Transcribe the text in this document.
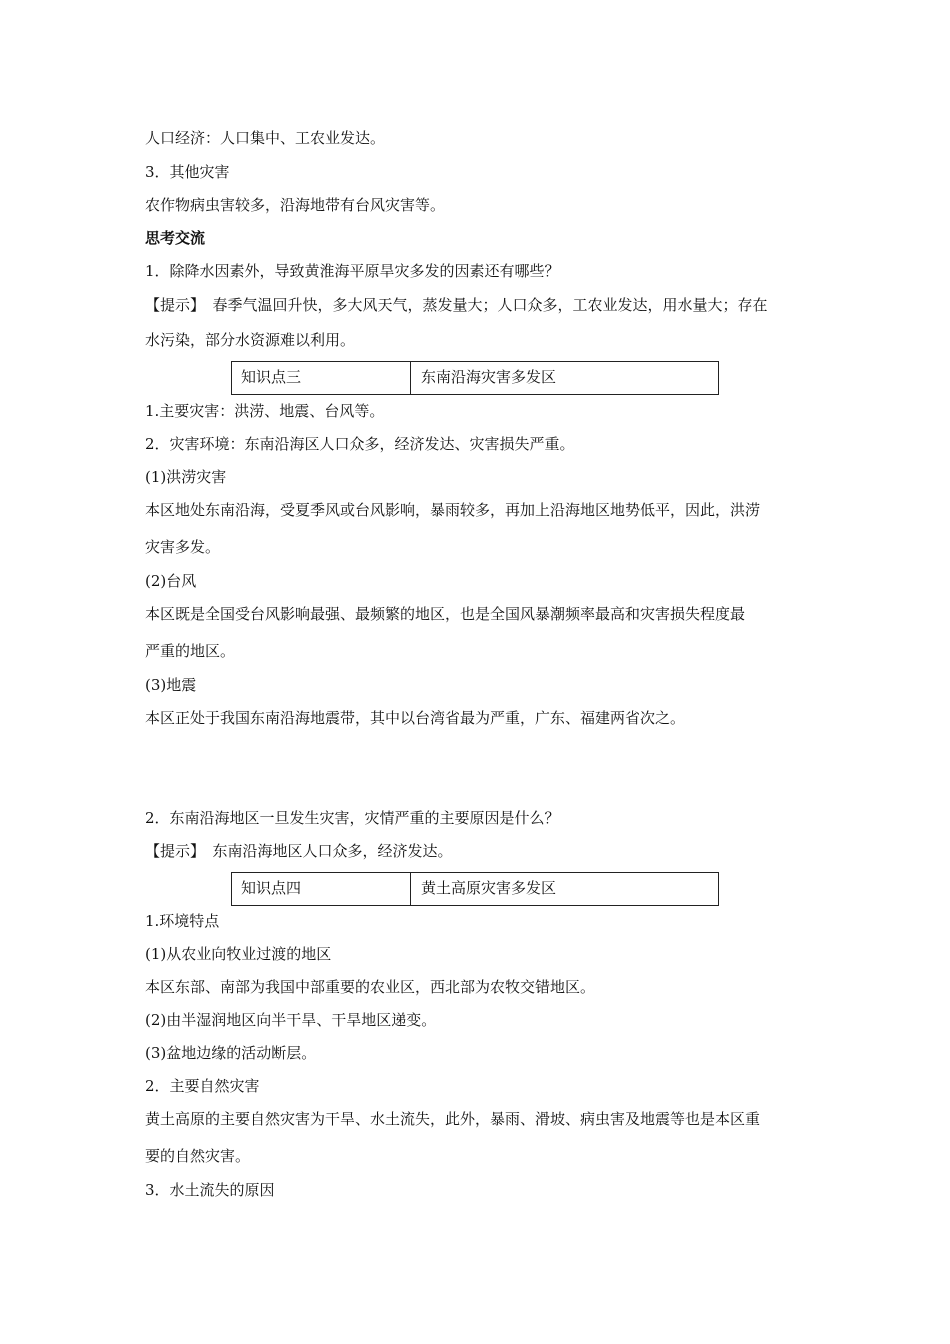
人口经济：人口集中、工农业发达。
3．其他灾害
农作物病虫害较多，沿海地带有台风灾害等。
思考交流
1．除降水因素外，导致黄淮海平原旱灾多发的因素还有哪些？
【提示】　春季气温回升快，多大风天气，蒸发量大；人口众多，工农业发达，用水量大；存在
水污染，部分水资源难以利用。
知识点三	东南沿海灾害多发区
1.主要灾害：洪涝、地震、台风等。
2．灾害环境：东南沿海区人口众多，经济发达、灾害损失严重。
(1)洪涝灾害
本区地处东南沿海，受夏季风或台风影响，暴雨较多，再加上沿海地区地势低平，因此，洪涝
灾害多发。
(2)台风
本区既是全国受台风影响最强、最频繁的地区，也是全国风暴潮频率最高和灾害损失程度最
严重的地区。
(3)地震
本区正处于我国东南沿海地震带，其中以台湾省最为严重，广东、福建两省次之。
2．东南沿海地区一旦发生灾害，灾情严重的主要原因是什么？
【提示】　东南沿海地区人口众多，经济发达。
知识点四	黄土高原灾害多发区
1.环境特点
(1)从农业向牧业过渡的地区
本区东部、南部为我国中部重要的农业区，西北部为农牧交错地区。
(2)由半湿润地区向半干旱、干旱地区递变。
(3)盆地边缘的活动断层。
2．主要自然灾害
黄土高原的主要自然灾害为干旱、水土流失，此外，暴雨、滑坡、病虫害及地震等也是本区重
要的自然灾害。
3．水土流失的原因
